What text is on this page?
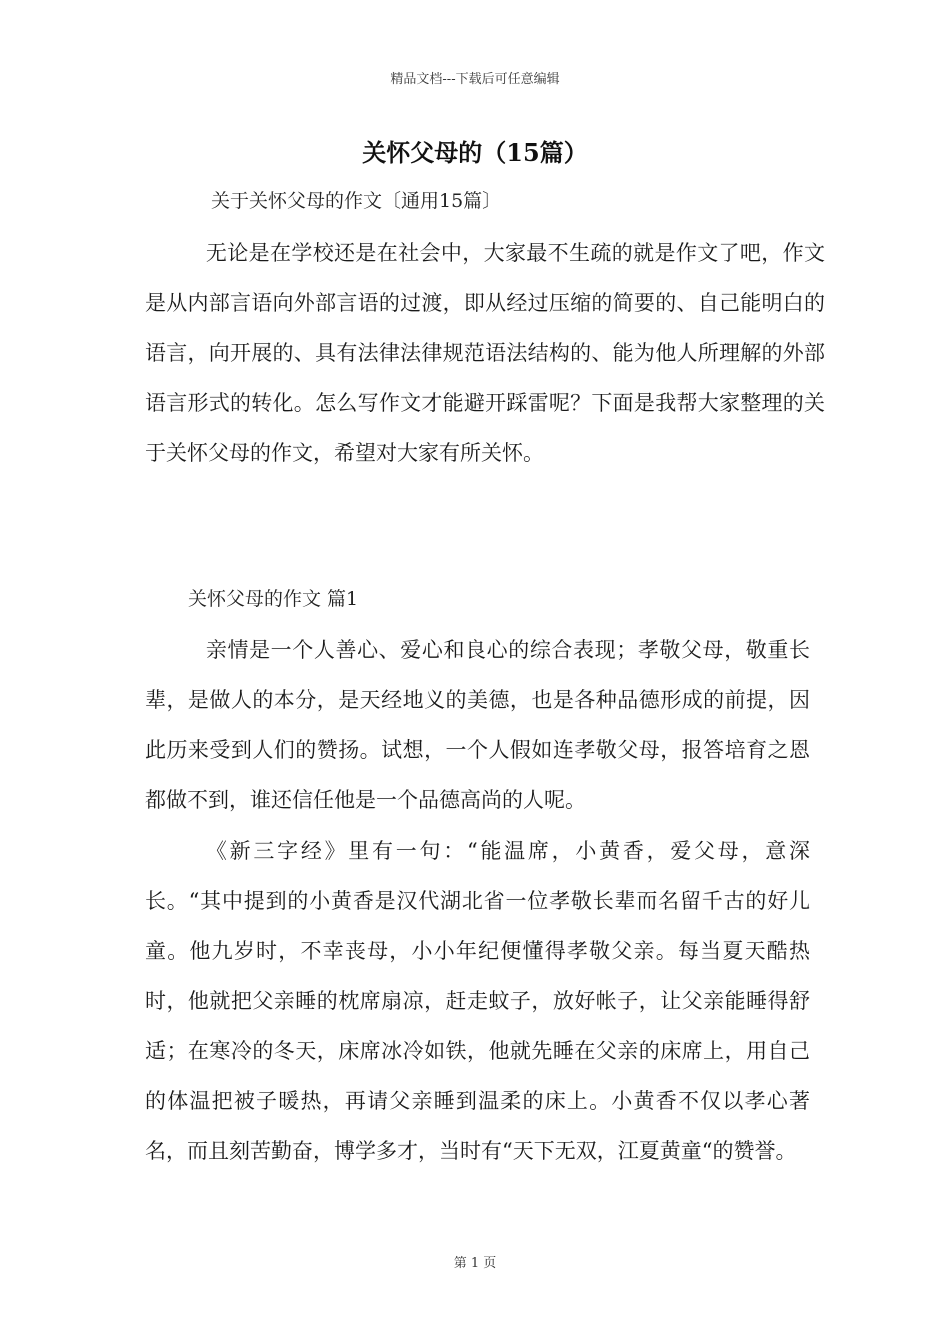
精品文档---下载后可任意编辑
关怀父母的（15篇）
关于关怀父母的作文〔通用15篇〕

无论是在学校还是在社会中，大家最不生疏的就是作文了吧，作文是从内部言语向外部言语的过渡，即从经过压缩的简要的、自己能明白的语言，向开展的、具有法律法律规范语法结构的、能为他人所理解的外部语言形式的转化。怎么写作文才能避开踩雷呢？下面是我帮大家整理的关于关怀父母的作文，希望对大家有所关怀。

关怀父母的作文 篇1

亲情是一个人善心、爱心和良心的综合表现；孝敬父母，敬重长辈，是做人的本分，是天经地义的美德，也是各种品德形成的前提，因此历来受到人们的赞扬。试想，一个人假如连孝敬父母，报答培育之恩都做不到，谁还信任他是一个品德高尚的人呢。

《新三字经》里有一句：“能温席，小黄香，爱父母，意深长。“其中提到的小黄香是汉代湖北省一位孝敬长辈而名留千古的好儿童。他九岁时，不幸丧母，小小年纪便懂得孝敬父亲。每当夏天酷热时，他就把父亲睡的枕席扇凉，赶走蚊子，放好帐子，让父亲能睡得舒适；在寒冷的冬天，床席冰冷如铁，他就先睡在父亲的床席上，用自己的体温把被子暖热，再请父亲睡到温柔的床上。小黄香不仅以孝心著名，而且刻苦勤奋，博学多才，当时有“天下无双，江夏黄童“的赞誉。

第 1 页
